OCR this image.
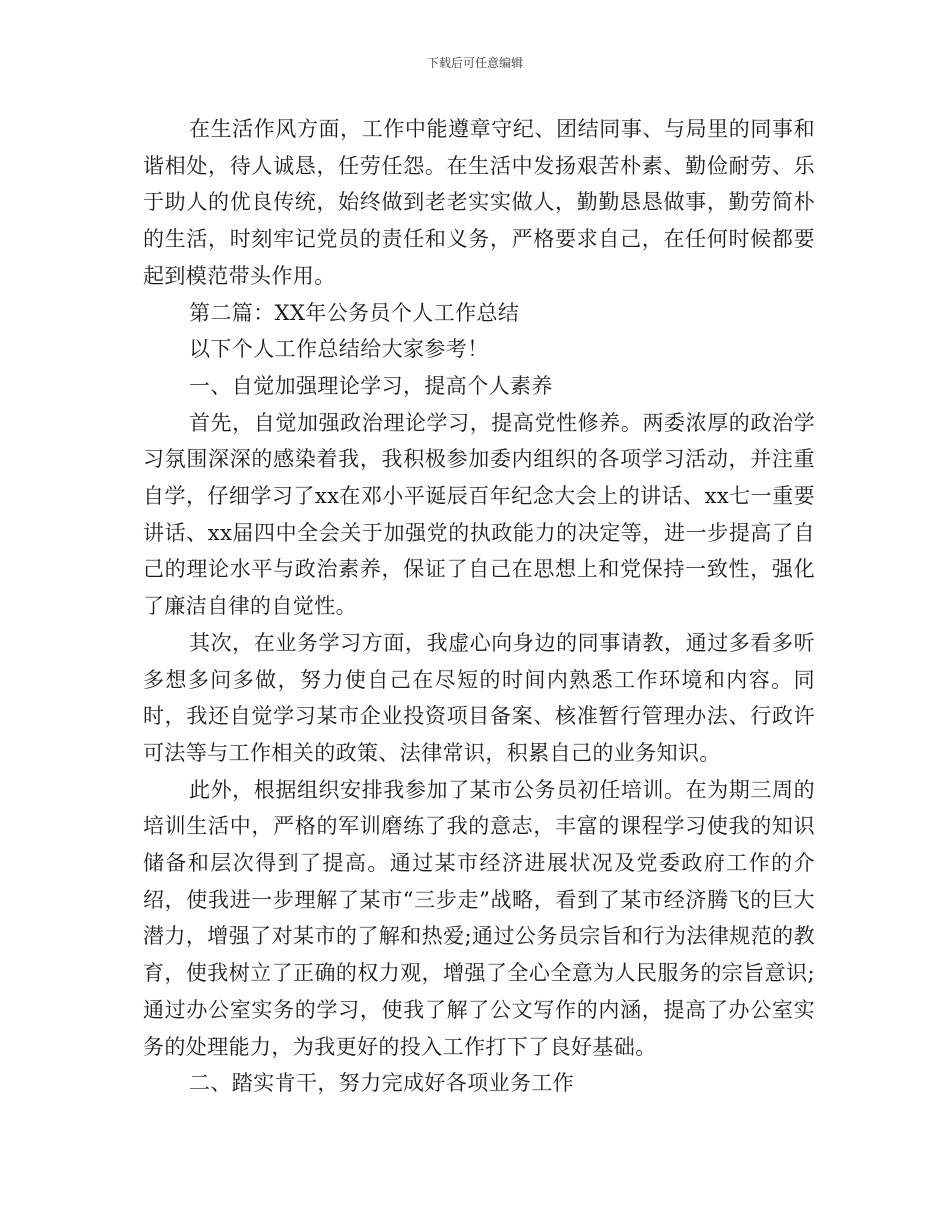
下载后可任意编辑

在生活作风方面，工作中能遵章守纪、团结同事、与局里的同事和谐相处，待人诚恳，任劳任怨。在生活中发扬艰苦朴素、勤俭耐劳、乐于助人的优良传统，始终做到老老实实做人，勤勤恳恳做事，勤劳简朴的生活，时刻牢记党员的责任和义务，严格要求自己，在任何时候都要起到模范带头作用。

第二篇：XX年公务员个人工作总结

以下个人工作总结给大家参考！

一、自觉加强理论学习，提高个人素养

首先，自觉加强政治理论学习，提高党性修养。两委浓厚的政治学习氛围深深的感染着我，我积极参加委内组织的各项学习活动，并注重自学，仔细学习了xx在邓小平诞辰百年纪念大会上的讲话、xx七一重要讲话、xx届四中全会关于加强党的执政能力的决定等，进一步提高了自己的理论水平与政治素养，保证了自己在思想上和党保持一致性，强化了廉洁自律的自觉性。

其次，在业务学习方面，我虚心向身边的同事请教，通过多看多听多想多问多做，努力使自己在尽短的时间内熟悉工作环境和内容。同时，我还自觉学习某市企业投资项目备案、核准暂行管理办法、行政许可法等与工作相关的政策、法律常识，积累自己的业务知识。

此外，根据组织安排我参加了某市公务员初任培训。在为期三周的培训生活中，严格的军训磨练了我的意志，丰富的课程学习使我的知识储备和层次得到了提高。通过某市经济进展状况及党委政府工作的介绍，使我进一步理解了某市“三步走”战略，看到了某市经济腾飞的巨大潜力，增强了对某市的了解和热爱;通过公务员宗旨和行为法律规范的教育，使我树立了正确的权力观，增强了全心全意为人民服务的宗旨意识;通过办公室实务的学习，使我了解了公文写作的内涵，提高了办公室实务的处理能力，为我更好的投入工作打下了良好基础。

二、踏实肯干，努力完成好各项业务工作
